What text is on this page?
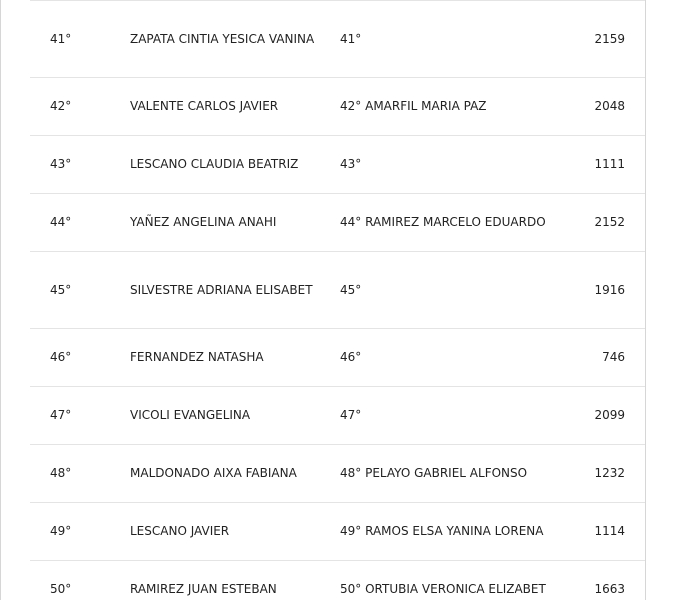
41°	ZAPATA CINTIA YESICA VANINA	41°	2159
42°	VALENTE CARLOS JAVIER	42° AMARFIL MARIA PAZ	2048
43°	LESCANO CLAUDIA BEATRIZ	43°	1111
44°	YAÑEZ ANGELINA ANAHI	44° RAMIREZ MARCELO EDUARDO	2152
45°	SILVESTRE ADRIANA ELISABET	45°	1916
46°	FERNANDEZ NATASHA	46°	746
47°	VICOLI EVANGELINA	47°	2099
48°	MALDONADO AIXA FABIANA	48° PELAYO GABRIEL ALFONSO	1232
49°	LESCANO JAVIER	49° RAMOS ELSA YANINA LORENA	1114
50°	RAMIREZ JUAN ESTEBAN	50° ORTUBIA VERONICA ELIZABET	1663
